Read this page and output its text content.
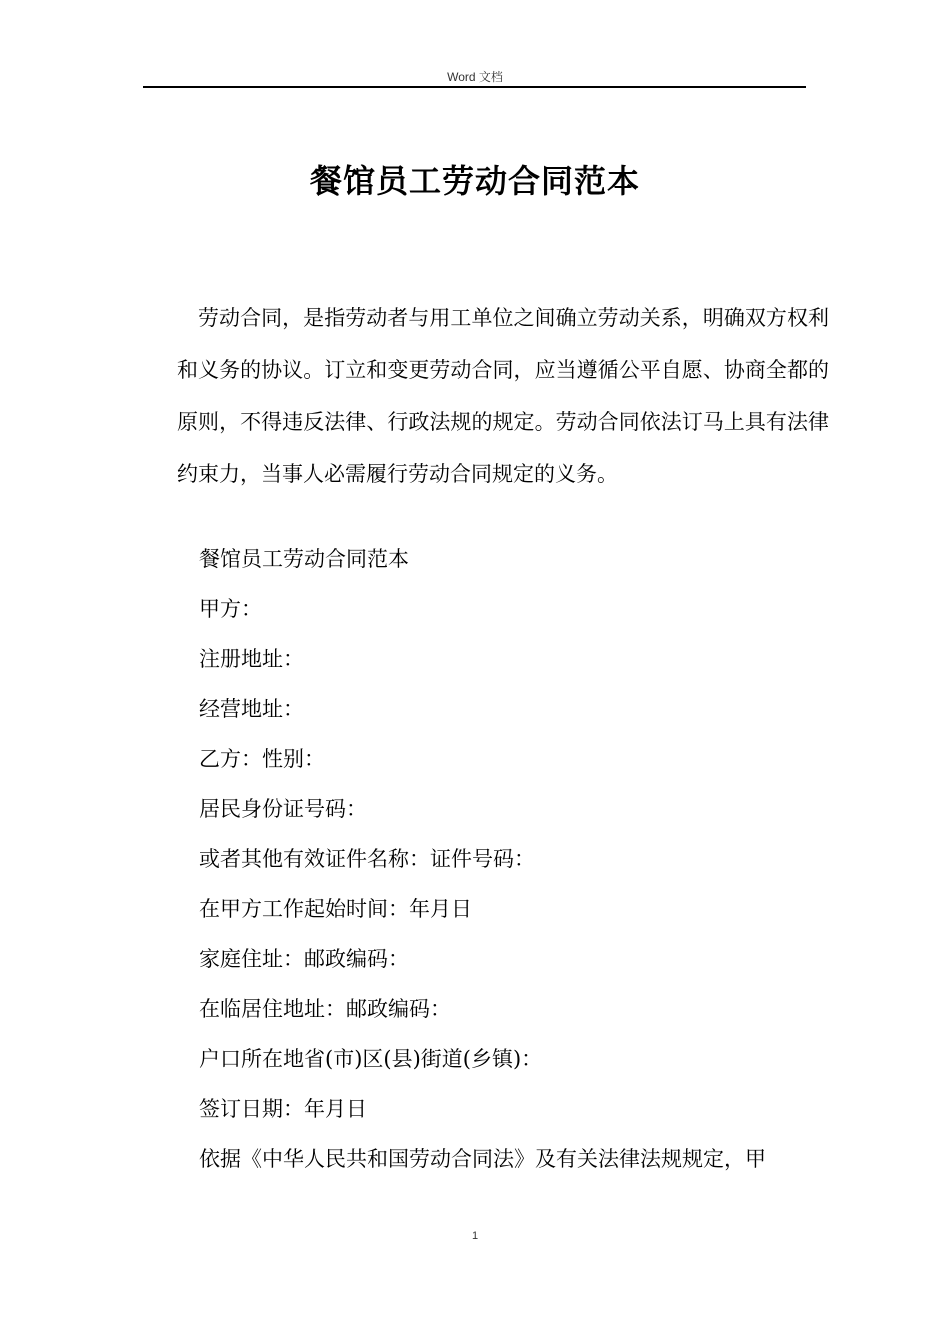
Word 文档
餐馆员工劳动合同范本

劳动合同，是指劳动者与用工单位之间确立劳动关系，明确双方权利和义务的协议。订立和变更劳动合同，应当遵循公平自愿、协商全都的原则，不得违反法律、行政法规的规定。劳动合同依法订马上具有法律约束力，当事人必需履行劳动合同规定的义务。

餐馆员工劳动合同范本
甲方：
注册地址：
经营地址：
乙方：性别：
居民身份证号码：
或者其他有效证件名称：证件号码：
在甲方工作起始时间：年月日
家庭住址：邮政编码：
在临居住地址：邮政编码：
户口所在地省(市)区(县)街道(乡镇)：
签订日期：年月日
依据《中华人民共和国劳动合同法》及有关法律法规规定，甲
1
